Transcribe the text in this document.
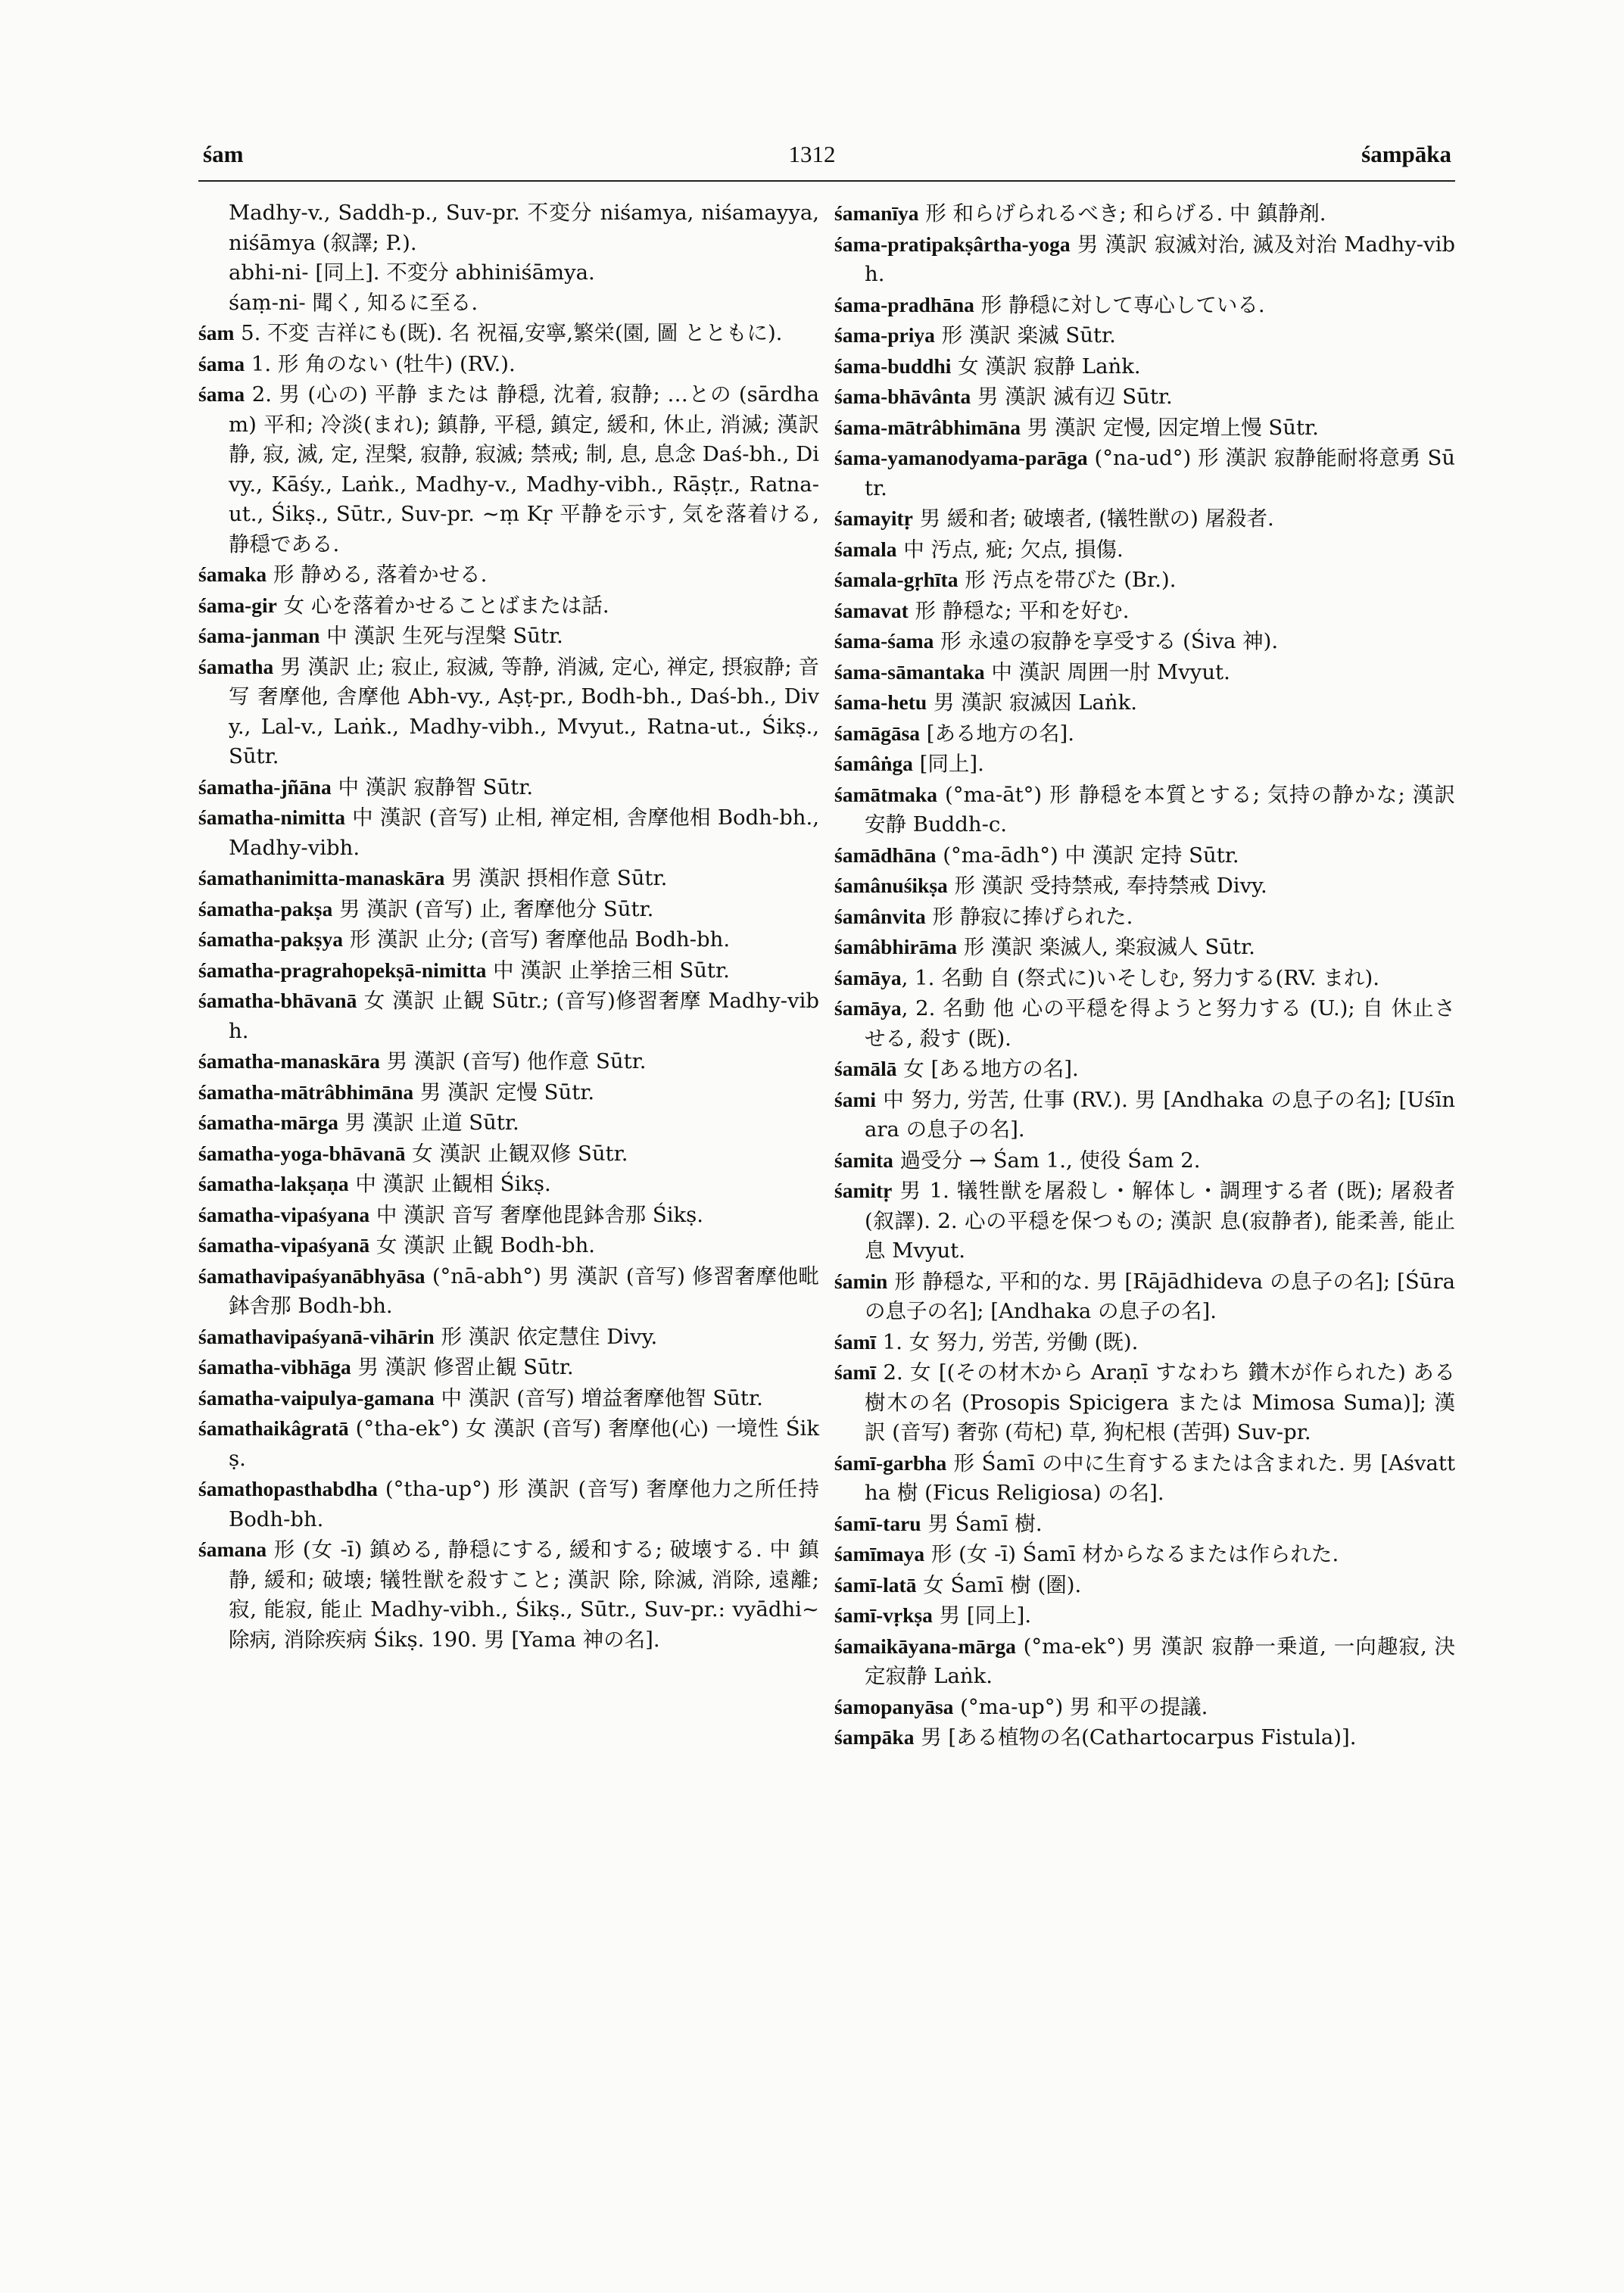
śam	1312	śampāka

Madhy-v., Saddh-p., Suv-pr. 不変分 niśamya, niśamayya, niśāmya (叙譯; P.).

abhi-ni- [同上]. 不変分 abhiniśāmya.

śaṃ-ni- 聞く, 知るに至る.

śam 5. 不変 吉祥にも(既). 名 祝福,安寧,繁栄(園, 圖 とともに).

śama 1. 形 角のない (牡牛) (RV.).

śama 2. 男 (心の) 平静 または 静穏, 沈着, 寂静; …との (sārdham) 平和; 冷淡(まれ); 鎮静, 平穏, 鎮定, 緩和, 休止, 消滅; 漢訳 静, 寂, 滅, 定, 涅槃, 寂静, 寂滅; 禁戒; 制, 息, 息念 Daś-bh., Divy., Kāśy., Laṅk., Madhy-v., Madhy-vibh., Rāṣṭr., Ratna-ut., Śikṣ., Sūtr., Suv-pr. ~ṃ Kṛ 平静を示す, 気を落着ける, 静穏である.

śamaka 形 静める, 落着かせる.

śama-gir 女 心を落着かせることばまたは話.

śama-janman 中 漢訳 生死与涅槃 Sūtr.

śamatha 男 漢訳 止; 寂止, 寂滅, 等静, 消滅, 定心, 禅定, 摂寂静; 音写 奢摩他, 舎摩他 Abh-vy., Aṣṭ-pr., Bodh-bh., Daś-bh., Divy., Lal-v., Laṅk., Madhy-vibh., Mvyut., Ratna-ut., Śikṣ., Sūtr.

śamatha-jñāna 中 漢訳 寂静智 Sūtr.

śamatha-nimitta 中 漢訳 (音写) 止相, 禅定相, 舎摩他相 Bodh-bh., Madhy-vibh.

śamathanimitta-manaskāra 男 漢訳 摂相作意 Sūtr.

śamatha-pakṣa 男 漢訳 (音写) 止, 奢摩他分 Sūtr.

śamatha-pakṣya 形 漢訳 止分; (音写) 奢摩他品 Bodh-bh.

śamatha-pragrahopekṣā-nimitta 中 漢訳 止挙捨三相 Sūtr.

śamatha-bhāvanā 女 漢訳 止観 Sūtr.; (音写)修習奢摩 Madhy-vibh.

śamatha-manaskāra 男 漢訳 (音写) 他作意 Sūtr.

śamatha-mātrâbhimāna 男 漢訳 定慢 Sūtr.

śamatha-mārga 男 漢訳 止道 Sūtr.

śamatha-yoga-bhāvanā 女 漢訳 止観双修 Sūtr.

śamatha-lakṣaṇa 中 漢訳 止観相 Śikṣ.

śamatha-vipaśyana 中 漢訳 音写 奢摩他毘鉢舎那 Śikṣ.

śamatha-vipaśyanā 女 漢訳 止観 Bodh-bh.

śamathavipaśyanābhyāsa (°nā-abh°) 男 漢訳 (音写) 修習奢摩他毗鉢舎那 Bodh-bh.

śamathavipaśyanā-vihārin 形 漢訳 依定慧住 Divy.

śamatha-vibhāga 男 漢訳 修習止観 Sūtr.

śamatha-vaipulya-gamana 中 漢訳 (音写) 増益奢摩他智 Sūtr.

śamathaikâgratā (°tha-ek°) 女 漢訳 (音写) 奢摩他(心) 一境性 Śikṣ.

śamathopasthabdha (°tha-up°) 形 漢訳 (音写) 奢摩他力之所任持 Bodh-bh.

śamana 形 (女 -ī) 鎮める, 静穏にする, 緩和する; 破壊する. 中 鎮静, 緩和; 破壊; 犠牲獣を殺すこと; 漢訳 除, 除滅, 消除, 遠離; 寂, 能寂, 能止 Madhy-vibh., Śikṣ., Sūtr., Suv-pr.: vyādhi~ 除病, 消除疾病 Śikṣ. 190. 男 [Yama 神の名].

śamanīya 形 和らげられるべき; 和らげる. 中 鎮静剤.

śama-pratipakṣârtha-yoga 男 漢訳 寂滅対治, 滅及対治 Madhy-vibh.

śama-pradhāna 形 静穏に対して専心している.

śama-priya 形 漢訳 楽滅 Sūtr.

śama-buddhi 女 漢訳 寂静 Laṅk.

śama-bhāvânta 男 漢訳 滅有辺 Sūtr.

śama-mātrâbhimāna 男 漢訳 定慢, 因定増上慢 Sūtr.

śama-yamanodyama-parāga (°na-ud°) 形 漢訳 寂静能耐将意勇 Sūtr.

śamayitṛ 男 緩和者; 破壊者, (犠牲獣の) 屠殺者.

śamala 中 汚点, 疵; 欠点, 損傷.

śamala-gṛhīta 形 汚点を帯びた (Br.).

śamavat 形 静穏な; 平和を好む.

śama-śama 形 永遠の寂静を享受する (Śiva 神).

śama-sāmantaka 中 漢訳 周囲一肘 Mvyut.

śama-hetu 男 漢訳 寂滅因 Laṅk.

śamāgāsa [ある地方の名].

śamâṅga [同上].

śamātmaka (°ma-āt°) 形 静穏を本質とする; 気持の静かな; 漢訳 安静 Buddh-c.

śamādhāna (°ma-ādh°) 中 漢訳 定持 Sūtr.

śamânuśikṣa 形 漢訳 受持禁戒, 奉持禁戒 Divy.

śamânvita 形 静寂に捧げられた.

śamâbhirāma 形 漢訳 楽滅人, 楽寂滅人 Sūtr.

śamāya, 1. 名動 自 (祭式に)いそしむ, 努力する(RV. まれ).

śamāya, 2. 名動 他 心の平穏を得ようと努力する (U.); 自 休止させる, 殺す (既).

śamālā 女 [ある地方の名].

śami 中 努力, 労苦, 仕事 (RV.). 男 [Andhaka の息子の名]; [Uśīnara の息子の名].

śamita 過受分 → Śam 1., 使役 Śam 2.

śamitṛ 男 1. 犠牲獣を屠殺し・解体し・調理する者 (既); 屠殺者 (叙譯). 2. 心の平穏を保つもの; 漢訳 息(寂静者), 能柔善, 能止息 Mvyut.

śamin 形 静穏な, 平和的な. 男 [Rājādhideva の息子の名]; [Śūra の息子の名]; [Andhaka の息子の名].

śamī 1. 女 努力, 労苦, 労働 (既).

śamī 2. 女 [(その材木から Araṇī すなわち 鑽木が作られた) ある 樹木の名 (Prosopis Spicigera または Mimosa Suma)]; 漢訳 (音写) 奢弥 (苟杞) 草, 狗杞根 (苦弭) Suv-pr.

śamī-garbha 形 Śamī の中に生育するまたは含まれた. 男 [Aśvattha 樹 (Ficus Religiosa) の名].

śamī-taru 男 Śamī 樹.

śamīmaya 形 (女 -ī) Śamī 材からなるまたは作られた.

śamī-latā 女 Śamī 樹 (圏).

śamī-vṛkṣa 男 [同上].

śamaikāyana-mārga (°ma-ek°) 男 漢訳 寂静一乗道, 一向趣寂, 決定寂静 Laṅk.

śamopanyāsa (°ma-up°) 男 和平の提議.

śampāka 男 [ある植物の名(Cathartocarpus Fistula)].
